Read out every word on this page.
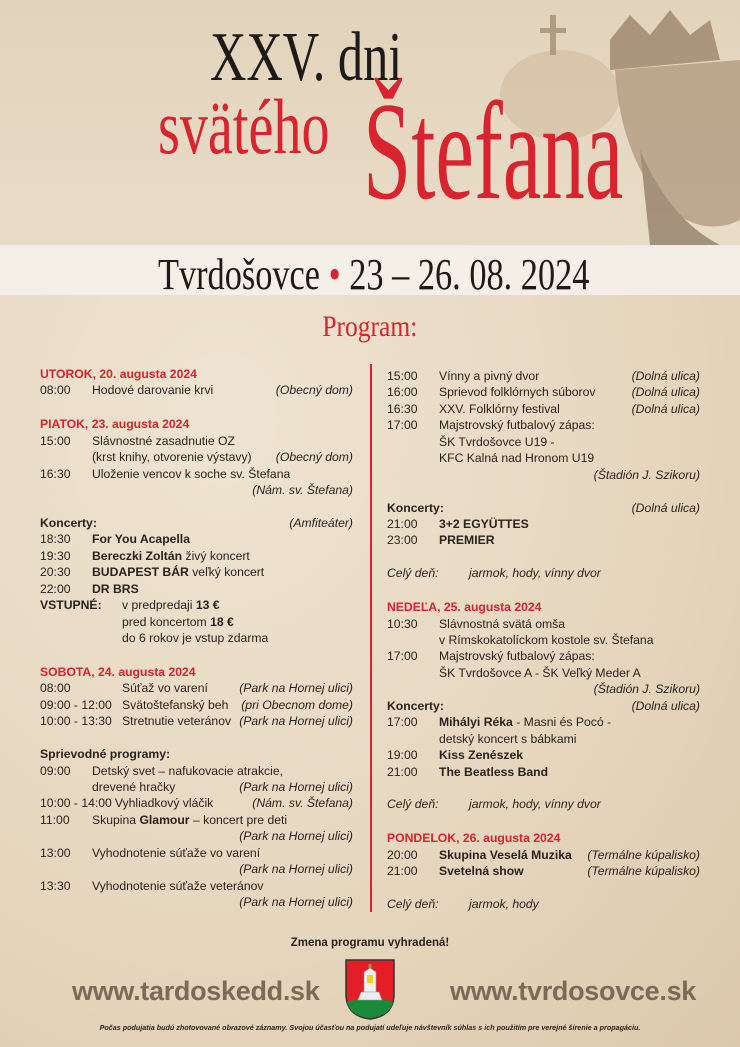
XXV. dni
svätého Štefana
Tvrdošovce • 23 – 26. 08. 2024
Program:
UTOROK, 20. augusta 2024
08:00	Hodové darovanie krvi	(Obecný dom)
PIATOK, 23. augusta 2024
15:00	Slávnostné zasadnutie OZ
(krst knihy, otvorenie výstavy) (Obecný dom)
16:30	Uloženie vencov k soche sv. Štefana
(Nám. sv. Štefana)
Koncerty:	(Amfiteáter)
18:30	For You Acapella
19:30	Bereczki Zoltán živý koncert
20:30	BUDAPEST BÁR veľký koncert
22:00	DR BRS
VSTUPNÉ:	v predpredaji 13 €
pred koncertom 18 €
do 6 rokov je vstup zdarma
SOBOTA, 24. augusta 2024
08:00	Súťaž vo varení	(Park na Hornej ulici)
09:00 - 12:00 Svätoštefanský beh (pri Obecnom dome)
10:00 - 13:30 Stretnutie veteránov (Park na Hornej ulici)
Sprievodné programy:
09:00	Detský svet – nafukovacie atrakcie,
drevené hračky	(Park na Hornej ulici)
10:00 - 14:00 Vyhliadkový vláčik	(Nám. sv. Štefana)
11:00	Skupina Glamour – koncert pre deti
(Park na Hornej ulici)
13:00	Vyhodnotenie súťaže vo varení
(Park na Hornej ulici)
13:30	Vyhodnotenie súťaže veteránov
(Park na Hornej ulici)
15:00	Vínny a pivný dvor	(Dolná ulica)
16:00	Sprievod folklórnych súborov	(Dolná ulica)
16:30	XXV. Folklórny festival	(Dolná ulica)
17:00	Majstrovský futbalový zápas:
ŠK Tvrdošovce U19 -
KFC Kalná nad Hronom U19
(Štadión J. Szikoru)
Koncerty:	(Dolná ulica)
21:00	3+2 EGYÜTTES
23:00	PREMIER
Celý deň:	jarmok, hody, vínny dvor
NEDEĽA, 25. augusta 2024
10:30	Slávnostná svätá omša
v Rímskokatolíckom kostole sv. Štefana
17:00	Majstrovský futbalový zápas:
ŠK Tvrdošovce A - ŠK Veľký Meder A
(Štadión J. Szikoru)
Koncerty:	(Dolná ulica)
17:00	Mihályi Réka - Masni és Pocó -
detský koncert s bábkami
19:00	Kiss Zenészek
21:00	The Beatless Band
Celý deň:	jarmok, hody, vínny dvor
PONDELOK, 26. augusta 2024
20:00	Skupina Veselá Muzika (Termálne kúpalisko)
21:00	Svetelná show	(Termálne kúpalisko)
Celý deň:	jarmok, hody
Zmena programu vyhradená!
www.tardoskedd.sk	www.tvrdosovce.sk
Počas podujatia budú zhotovované obrazové záznamy. Svojou účasťou na podujatí udeľuje návštevník súhlas s ich použitím pre verejné šírenie a propagáciu.
